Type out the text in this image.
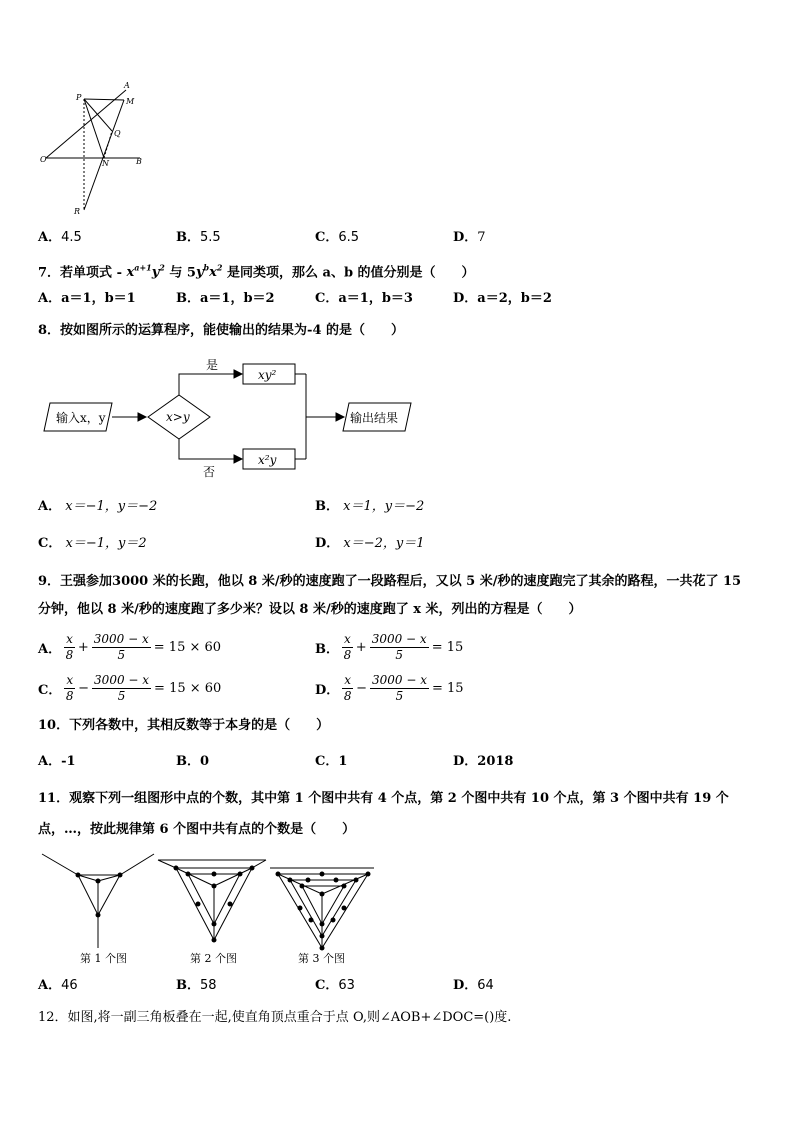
A
M
P
Q
O	N	B
R
A．4.5	B．5.5	C．6.5	D．7
7．若单项式 - $x^{a+1}y^2$ 与 $5y^bx^2$ 是同类项，那么 a、b 的值分别是（　　）
A．a＝1，b＝1	B．a＝1，b＝2	C．a＝1，b＝3	D．a＝2，b＝2
8．按如图所示的运算程序，能使输出的结果为-4 的是（　　）
输入x，y	x>y
是
否
xy²
x²y
输出结果
A． x＝−1，y＝−2	B． x＝1，y＝−2
C． x＝−1，y＝2	D． x＝−2，y＝1
9．王强参加3000 米的长跑，他以 8 米/秒的速度跑了一段路程后，又以 5 米/秒的速度跑完了其余的路程，一共花了 15
分钟，他以 8 米/秒的速度跑了多少米？设以 8 米/秒的速度跑了 x 米，列出的方程是（　　）
A． $\frac{x}{8} + \frac{3000 - x}{5} = 15 \times 60$	B． $\frac{x}{8} + \frac{3000 - x}{5} = 15$
C． $\frac{x}{8} - \frac{3000 - x}{5} = 15 \times 60$	D． $\frac{x}{8} - \frac{3000 - x}{5} = 15$
10．下列各数中，其相反数等于本身的是（　　）
A．-1	B．0	C．1	D．2018
11．观察下列一组图形中点的个数，其中第 1 个图中共有 4 个点，第 2 个图中共有 10 个点，第 3 个图中共有 19 个
点，…，按此规律第 6 个图中共有点的个数是（　　）
第 1 个图	第 2 个图	第 3 个图
A．46	B．58	C．63	D．64
12．如图,将一副三角板叠在一起,使直角顶点重合于点 O,则∠AOB+∠DOC=()度.
